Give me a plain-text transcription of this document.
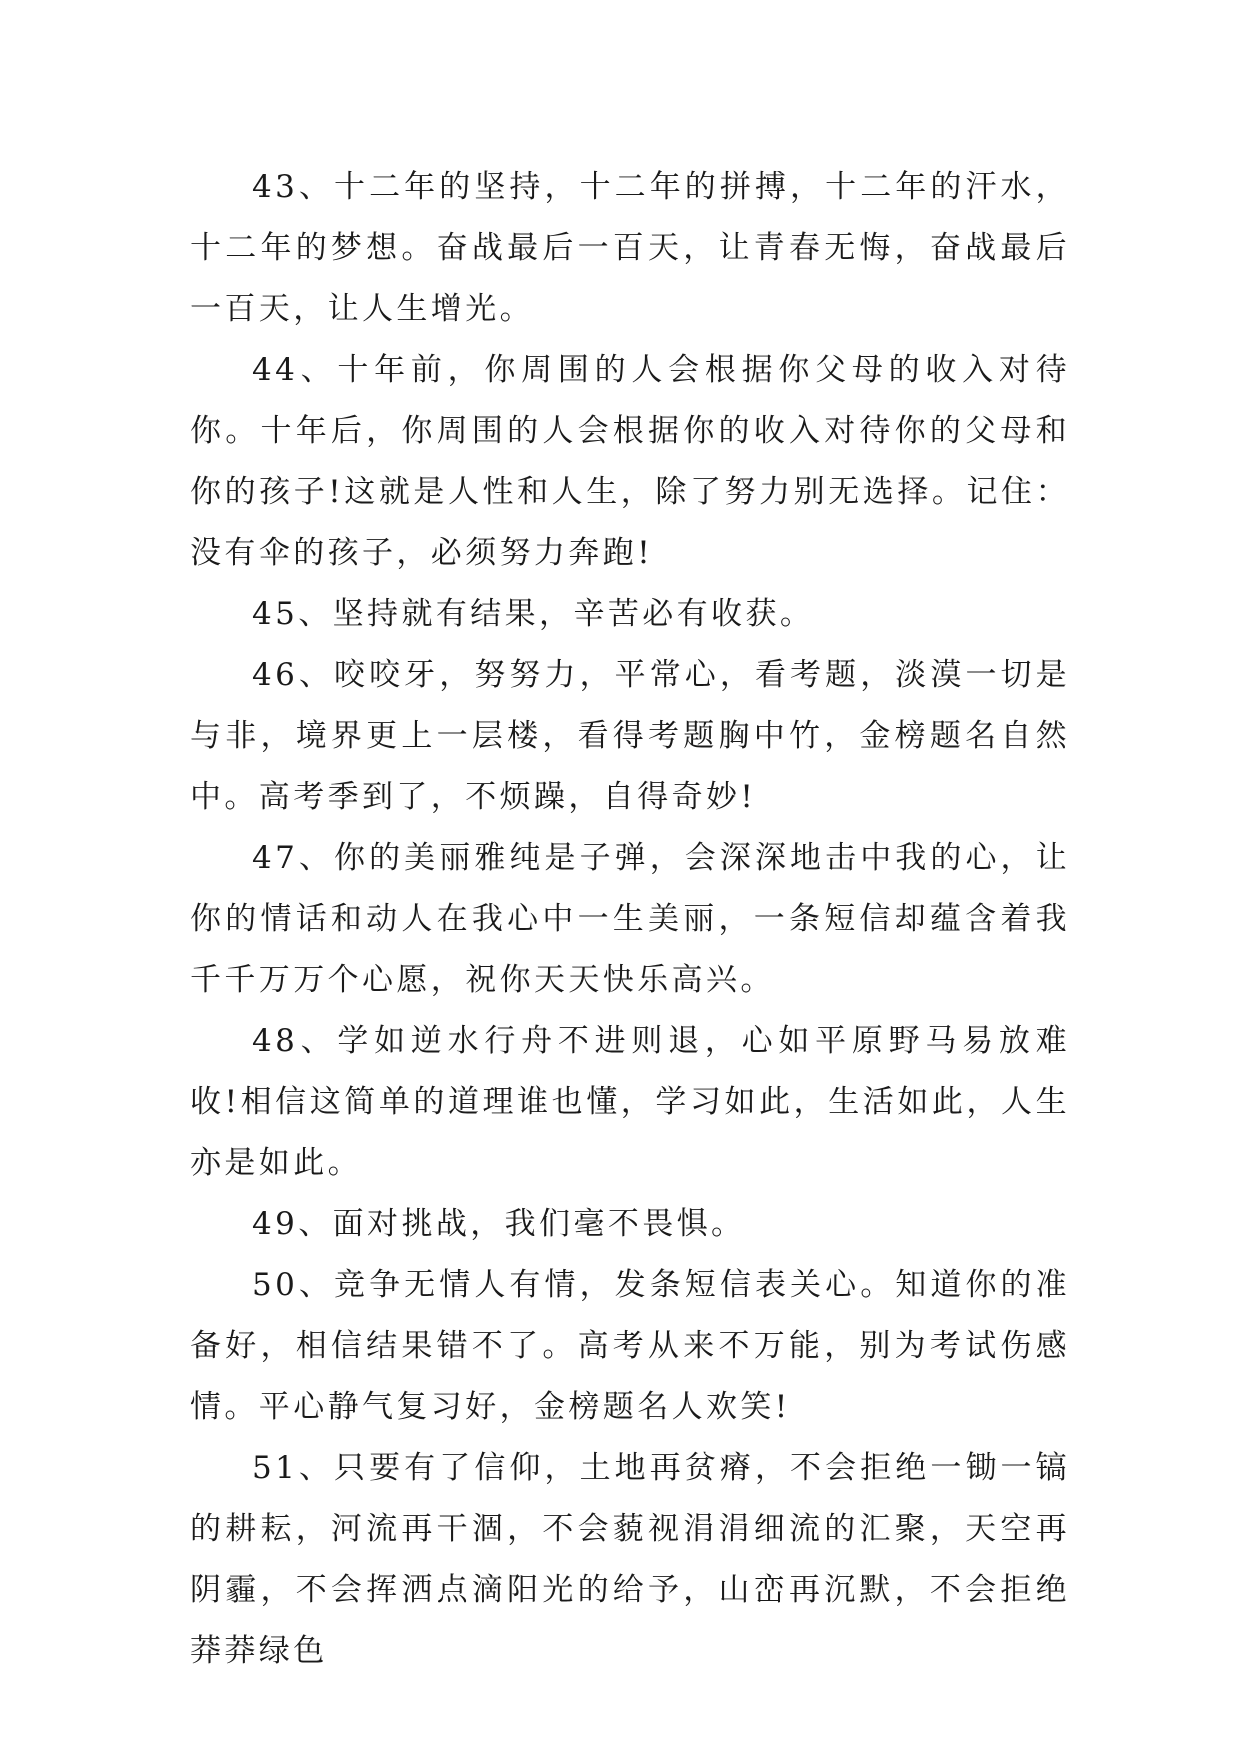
43、十二年的坚持，十二年的拼搏，十二年的汗水，十二年的梦想。奋战最后一百天，让青春无悔，奋战最后一百天，让人生增光。

44、十年前，你周围的人会根据你父母的收入对待你。十年后，你周围的人会根据你的收入对待你的父母和你的孩子!这就是人性和人生，除了努力别无选择。记住：没有伞的孩子，必须努力奔跑!

45、坚持就有结果，辛苦必有收获。

46、咬咬牙，努努力，平常心，看考题，淡漠一切是与非，境界更上一层楼，看得考题胸中竹，金榜题名自然中。高考季到了，不烦躁，自得奇妙!

47、你的美丽雅纯是子弹，会深深地击中我的心，让你的情话和动人在我心中一生美丽，一条短信却蕴含着我千千万万个心愿，祝你天天快乐高兴。

48、学如逆水行舟不进则退，心如平原野马易放难收!相信这简单的道理谁也懂，学习如此，生活如此，人生亦是如此。

49、面对挑战，我们毫不畏惧。

50、竞争无情人有情，发条短信表关心。知道你的准备好，相信结果错不了。高考从来不万能，别为考试伤感情。平心静气复习好，金榜题名人欢笑!

51、只要有了信仰，土地再贫瘠，不会拒绝一锄一镐的耕耘，河流再干涸，不会藐视涓涓细流的汇聚，天空再阴霾，不会挥洒点滴阳光的给予，山峦再沉默，不会拒绝莽莽绿色
